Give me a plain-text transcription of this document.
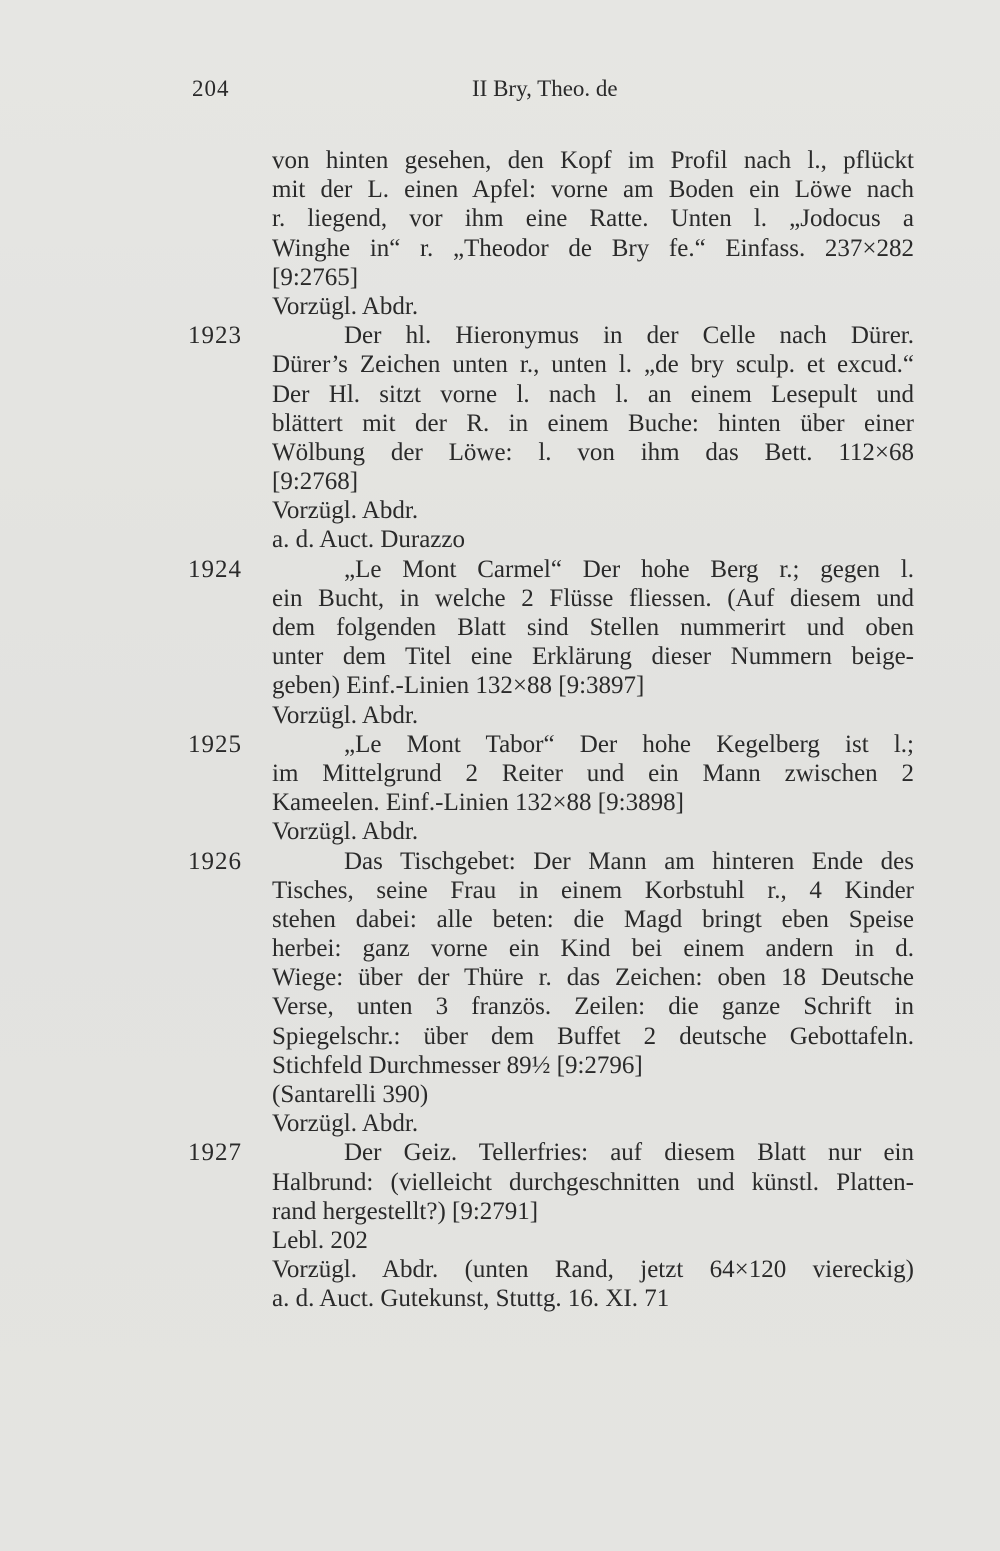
204	II Bry, Theo. de
von hinten gesehen, den Kopf im Profil nach l., pflückt
mit der L. einen Apfel: vorne am Boden ein Löwe nach
r. liegend, vor ihm eine Ratte. Unten l. „Jodocus a
Winghe in“ r. „Theodor de Bry fe.“ Einfass. 237×282
[9:2765]
Vorzügl. Abdr.
1923	Der hl. Hieronymus in der Celle nach Dürer.
Dürer’s Zeichen unten r., unten l. „de bry sculp. et excud.“
Der Hl. sitzt vorne l. nach l. an einem Lesepult und
blättert mit der R. in einem Buche: hinten über einer
Wölbung der Löwe: l. von ihm das Bett. 112×68
[9:2768]
Vorzügl. Abdr.
a. d. Auct. Durazzo
1924	„Le Mont Carmel“ Der hohe Berg r.; gegen l.
ein Bucht, in welche 2 Flüsse fliessen. (Auf diesem und
dem folgenden Blatt sind Stellen nummerirt und oben
unter dem Titel eine Erklärung dieser Nummern beige-
geben) Einf.-Linien 132×88 [9:3897]
Vorzügl. Abdr.
1925	„Le Mont Tabor“ Der hohe Kegelberg ist l.;
im Mittelgrund 2 Reiter und ein Mann zwischen 2
Kameelen. Einf.-Linien 132×88 [9:3898]
Vorzügl. Abdr.
1926	Das Tischgebet: Der Mann am hinteren Ende des
Tisches, seine Frau in einem Korbstuhl r., 4 Kinder
stehen dabei: alle beten: die Magd bringt eben Speise
herbei: ganz vorne ein Kind bei einem andern in d.
Wiege: über der Thüre r. das Zeichen: oben 18 Deutsche
Verse, unten 3 französ. Zeilen: die ganze Schrift in
Spiegelschr.: über dem Buffet 2 deutsche Gebottafeln.
Stichfeld Durchmesser 89½ [9:2796]
(Santarelli 390)
Vorzügl. Abdr.
1927	Der Geiz. Tellerfries: auf diesem Blatt nur ein
Halbrund: (vielleicht durchgeschnitten und künstl. Platten-
rand hergestellt?) [9:2791]
Lebl. 202
Vorzügl. Abdr. (unten Rand, jetzt 64×120 viereckig)
a. d. Auct. Gutekunst, Stuttg. 16. XI. 71
